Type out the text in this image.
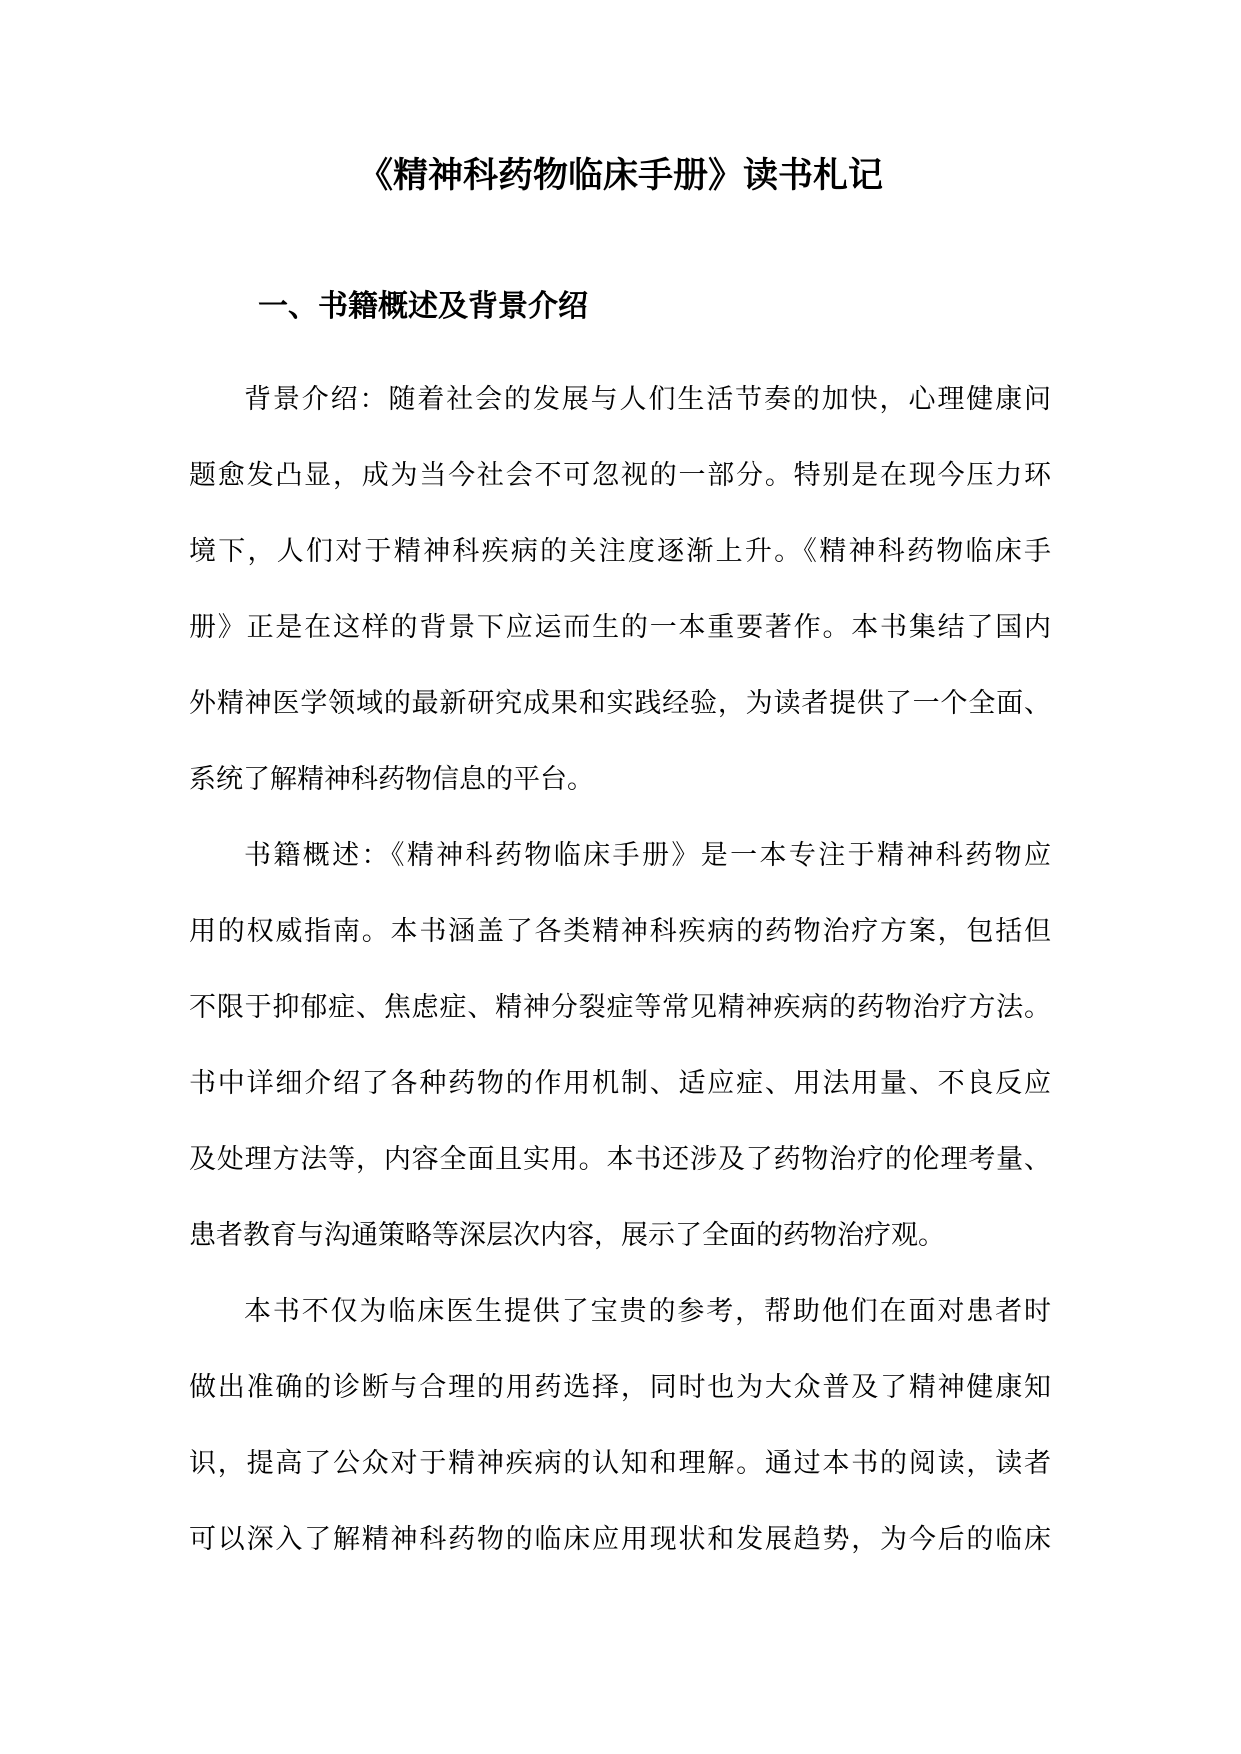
《精神科药物临床手册》读书札记
一、书籍概述及背景介绍

背景介绍：随着社会的发展与人们生活节奏的加快，心理健康问
题愈发凸显，成为当今社会不可忽视的一部分。特别是在现今压力环
境下，人们对于精神科疾病的关注度逐渐上升。《精神科药物临床手
册》正是在这样的背景下应运而生的一本重要著作。本书集结了国内
外精神医学领域的最新研究成果和实践经验，为读者提供了一个全面、
系统了解精神科药物信息的平台。

书籍概述：《精神科药物临床手册》是一本专注于精神科药物应
用的权威指南。本书涵盖了各类精神科疾病的药物治疗方案，包括但
不限于抑郁症、焦虑症、精神分裂症等常见精神疾病的药物治疗方法。
书中详细介绍了各种药物的作用机制、适应症、用法用量、不良反应
及处理方法等，内容全面且实用。本书还涉及了药物治疗的伦理考量、
患者教育与沟通策略等深层次内容，展示了全面的药物治疗观。

本书不仅为临床医生提供了宝贵的参考，帮助他们在面对患者时
做出准确的诊断与合理的用药选择，同时也为大众普及了精神健康知
识，提高了公众对于精神疾病的认知和理解。通过本书的阅读，读者
可以深入了解精神科药物的临床应用现状和发展趋势，为今后的临床
